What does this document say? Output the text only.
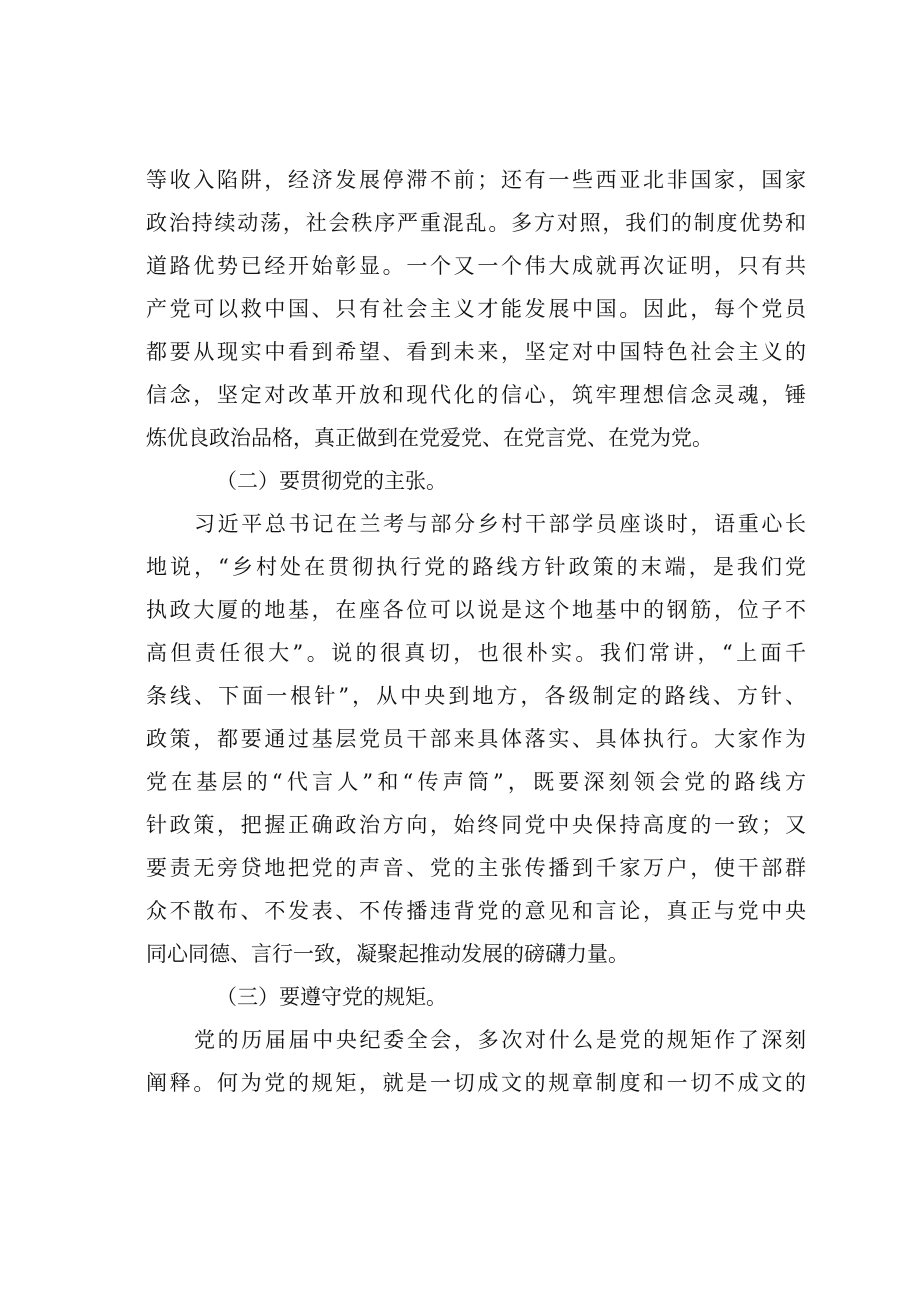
等收入陷阱，经济发展停滞不前；还有一些西亚北非国家，国家
政治持续动荡，社会秩序严重混乱。多方对照，我们的制度优势和
道路优势已经开始彰显。一个又一个伟大成就再次证明，只有共
产党可以救中国、只有社会主义才能发展中国。因此，每个党员
都要从现实中看到希望、看到未来，坚定对中国特色社会主义的
信念，坚定对改革开放和现代化的信心，筑牢理想信念灵魂，锤
炼优良政治品格，真正做到在党爱党、在党言党、在党为党。
（二）要贯彻党的主张。
习近平总书记在兰考与部分乡村干部学员座谈时，语重心长
地说，“乡村处在贯彻执行党的路线方针政策的末端，是我们党
执政大厦的地基，在座各位可以说是这个地基中的钢筋，位子不
高但责任很大”。说的很真切，也很朴实。我们常讲，“上面千
条线、下面一根针”，从中央到地方，各级制定的路线、方针、
政策，都要通过基层党员干部来具体落实、具体执行。大家作为
党在基层的“代言人”和“传声筒”，既要深刻领会党的路线方
针政策，把握正确政治方向，始终同党中央保持高度的一致；又
要责无旁贷地把党的声音、党的主张传播到千家万户，使干部群
众不散布、不发表、不传播违背党的意见和言论，真正与党中央
同心同德、言行一致，凝聚起推动发展的磅礴力量。
（三）要遵守党的规矩。
党的历届届中央纪委全会，多次对什么是党的规矩作了深刻
阐释。何为党的规矩，就是一切成文的规章制度和一切不成文的
